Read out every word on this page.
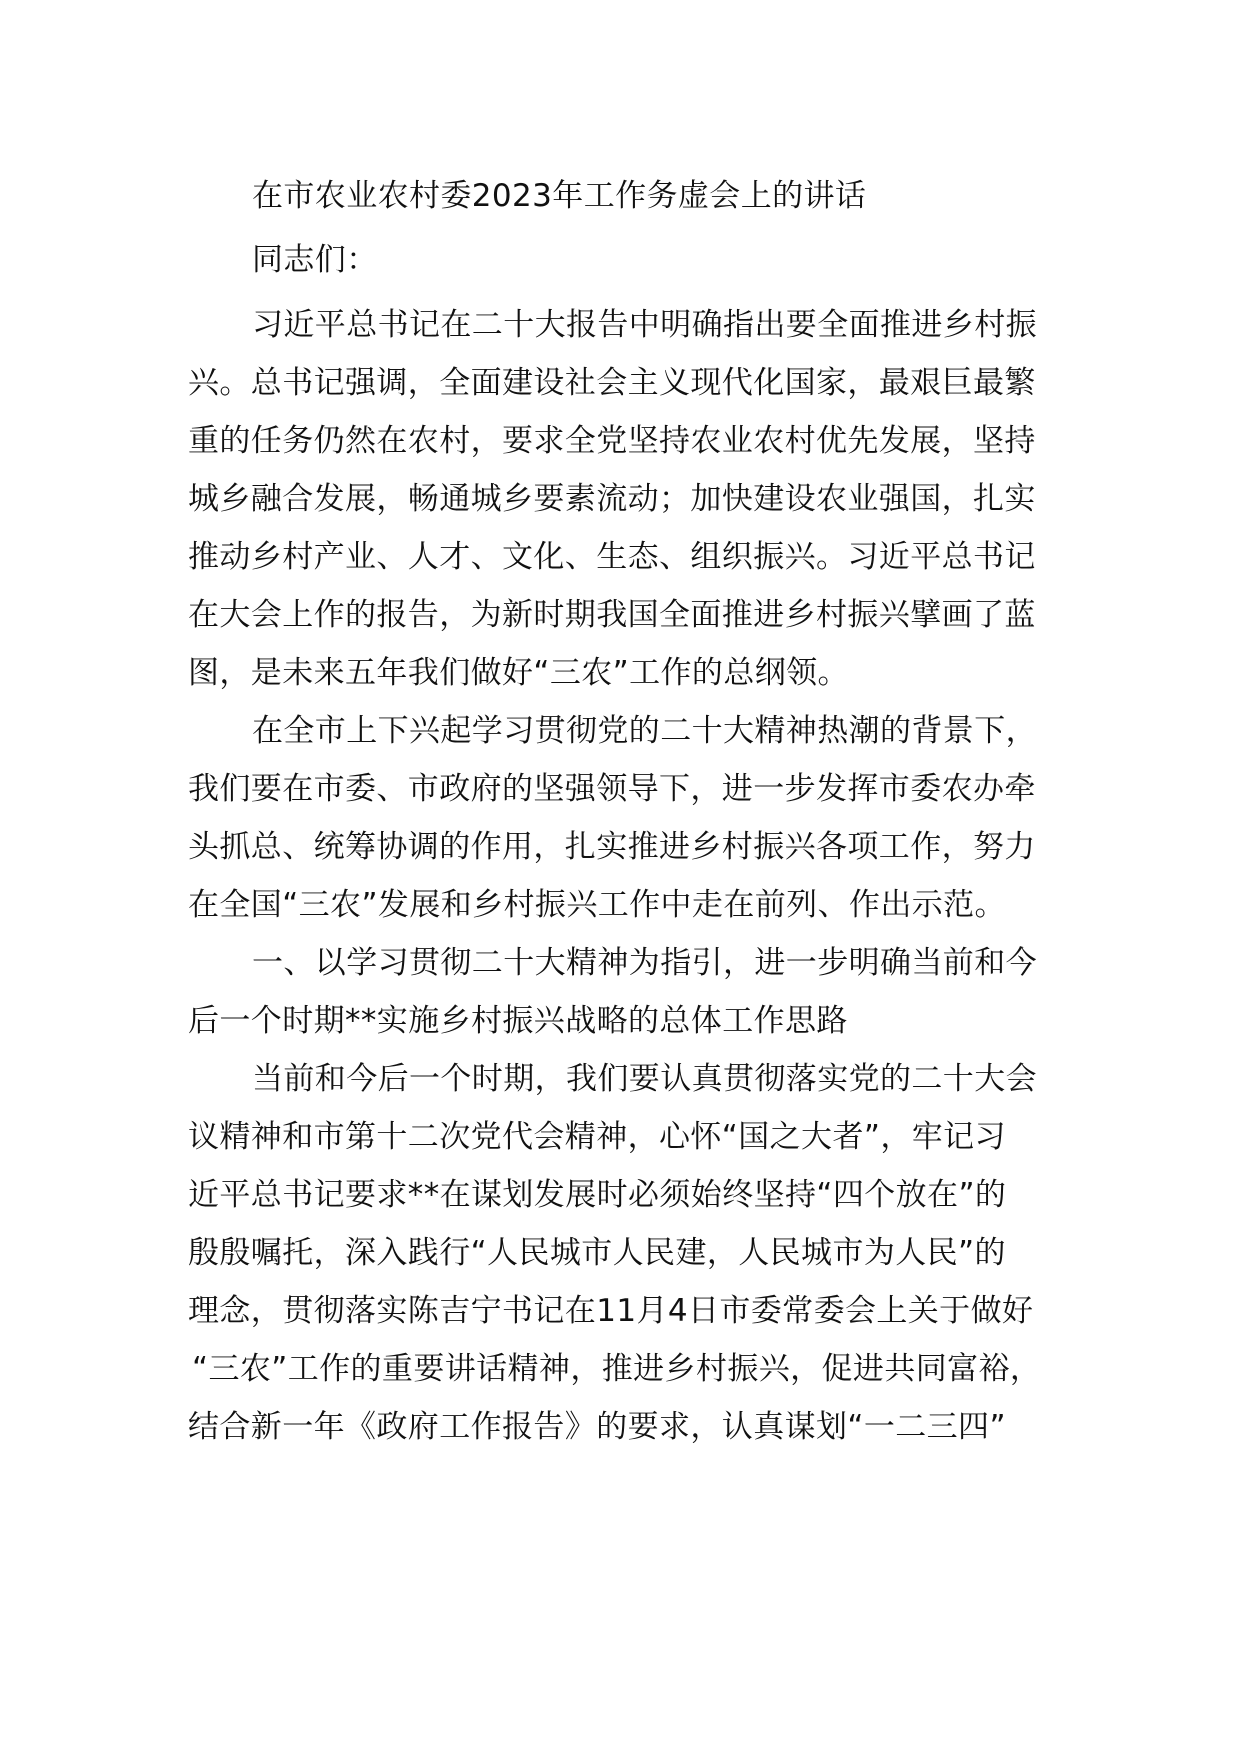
在市农业农村委2023年工作务虚会上的讲话
同志们：
习近平总书记在二十大报告中明确指出要全面推进乡村振
兴。总书记强调，全面建设社会主义现代化国家，最艰巨最繁
重的任务仍然在农村，要求全党坚持农业农村优先发展，坚持
城乡融合发展，畅通城乡要素流动；加快建设农业强国，扎实
推动乡村产业、人才、文化、生态、组织振兴。习近平总书记
在大会上作的报告，为新时期我国全面推进乡村振兴擘画了蓝
图，是未来五年我们做好“三农”工作的总纲领。
在全市上下兴起学习贯彻党的二十大精神热潮的背景下，
我们要在市委、市政府的坚强领导下，进一步发挥市委农办牵
头抓总、统筹协调的作用，扎实推进乡村振兴各项工作，努力
在全国“三农”发展和乡村振兴工作中走在前列、作出示范。
一、以学习贯彻二十大精神为指引，进一步明确当前和今
后一个时期**实施乡村振兴战略的总体工作思路
当前和今后一个时期，我们要认真贯彻落实党的二十大会
议精神和市第十二次党代会精神，心怀“国之大者”，牢记习
近平总书记要求**在谋划发展时必须始终坚持“四个放在”的
殷殷嘱托，深入践行“人民城市人民建，人民城市为人民”的
理念，贯彻落实陈吉宁书记在11月4日市委常委会上关于做好
“三农”工作的重要讲话精神，推进乡村振兴，促进共同富裕，
结合新一年《政府工作报告》的要求，认真谋划“一二三四”
